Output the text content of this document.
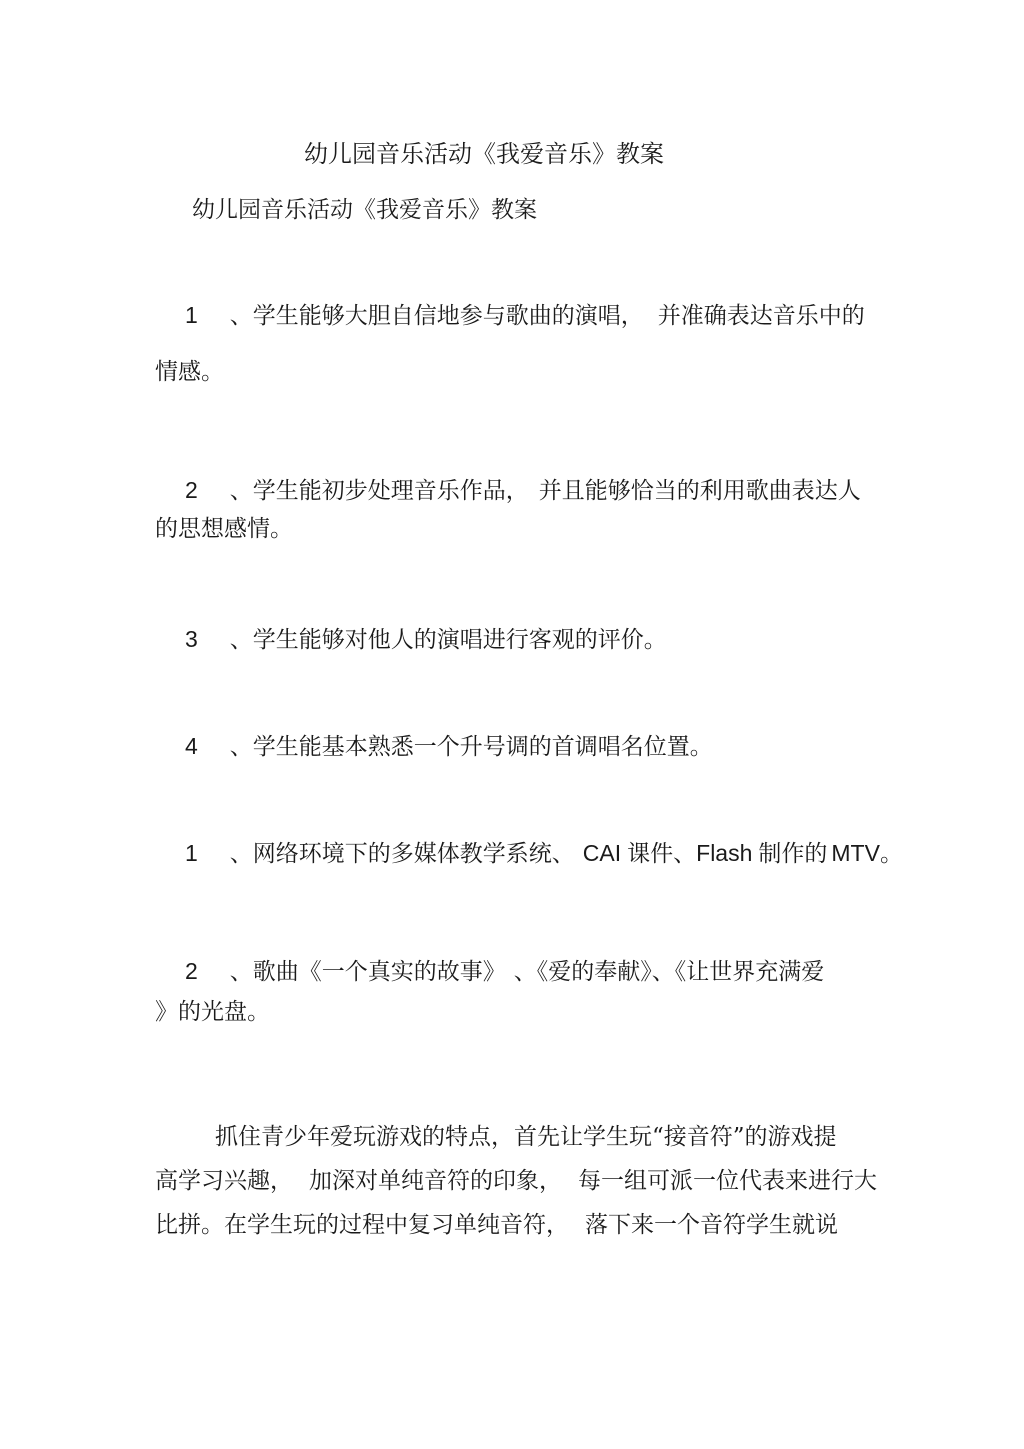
幼儿园音乐活动《我爱音乐》教案
幼儿园音乐活动《我爱音乐》教案
1 、学生能够大胆自信地参与歌曲的演唱， 并准确表达音乐中的
情感。
2 、学生能初步处理音乐作品， 并且能够恰当的利用歌曲表达人
的思想感情。
3 、学生能够对他人的演唱进行客观的评价。
4 、学生能基本熟悉一个升号调的首调唱名位置。
1 、网络环境下的多媒体教学系统、 CAI 课件、Flash 制作的 MTV。
2 、歌曲《一个真实的故事》 、《爱的奉献》、《让世界充满爱
》的光盘。
抓住青少年爱玩游戏的特点，首先让学生玩“接音符”的游戏提
高学习兴趣， 加深对单纯音符的印象， 每一组可派一位代表来进行大
比拼。在学生玩的过程中复习单纯音符， 落下来一个音符学生就说
